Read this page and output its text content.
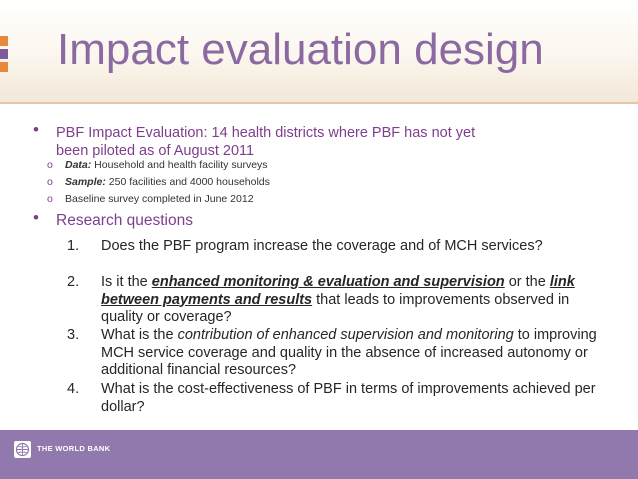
Impact evaluation design
• PBF Impact Evaluation: 14 health districts where PBF has not yet
been piloted as of August 2011
o Data: Household and health facility surveys
o Sample: 250 facilities and 4000 households
o Baseline survey completed in June 2012
• Research questions
1. Does the PBF program increase the coverage and of MCH services?
2. Is it the enhanced monitoring & evaluation and supervision or the link between payments and results that leads to improvements observed in quality or coverage?
3. What is the contribution of enhanced supervision and monitoring to improving MCH service coverage and quality in the absence of increased autonomy or additional financial resources?
4. What is the cost-effectiveness of PBF in terms of improvements achieved per dollar?
THE WORLD BANK
